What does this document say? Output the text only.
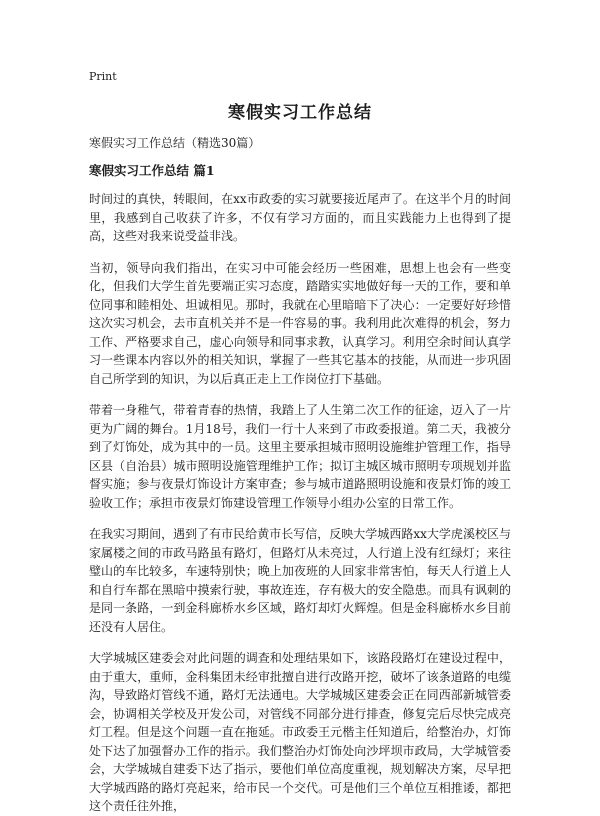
Print
寒假实习工作总结
寒假实习工作总结（精选30篇）
寒假实习工作总结 篇1

时间过的真快，转眼间，在xx市政委的实习就要接近尾声了。在这半个月的时间里，我感到自己收获了许多，不仅有学习方面的，而且实践能力上也得到了提高，这些对我来说受益非浅。

当初，领导向我们指出，在实习中可能会经历一些困难，思想上也会有一些变化，但我们大学生首先要端正实习态度，踏踏实实地做好每一天的工作，要和单位同事和睦相处、坦诚相见。那时，我就在心里暗暗下了决心：一定要好好珍惜这次实习机会，去市直机关并不是一件容易的事。我利用此次难得的机会，努力工作、严格要求自己，虚心向领导和同事求教，认真学习。利用空余时间认真学习一些课本内容以外的相关知识，掌握了一些其它基本的技能，从而进一步巩固自己所学到的知识，为以后真正走上工作岗位打下基础。

带着一身稚气，带着青春的热情，我踏上了人生第二次工作的征途，迈入了一片更为广阔的舞台。1月18号，我们一行十人来到了市政委报道。第二天，我被分到了灯饰处，成为其中的一员。这里主要承担城市照明设施维护管理工作，指导区县（自治县）城市照明设施管理维护工作；拟订主城区城市照明专项规划并监督实施；参与夜景灯饰设计方案审查；参与城市道路照明设施和夜景灯饰的竣工验收工作；承担市夜景灯饰建设管理工作领导小组办公室的日常工作。

在我实习期间，遇到了有市民给黄市长写信，反映大学城西路xx大学虎溪校区与家属楼之间的市政马路虽有路灯，但路灯从未亮过，人行道上没有红绿灯；来往璧山的车比较多，车速特别快；晚上加夜班的人回家非常害怕，每天人行道上人和自行车都在黑暗中摸索行驶，事故连连，存有极大的安全隐患。而具有讽刺的是同一条路，一到金科廊桥水乡区域，路灯却灯火辉煌。但是金科廊桥水乡目前还没有人居住。

大学城城区建委会对此问题的调查和处理结果如下，该路段路灯在建设过程中，由于重大，重师，金科集团未经审批擅自进行改路开挖，破坏了该条道路的电缆沟，导致路灯管线不通，路灯无法通电。大学城城区建委会正在同西部新城管委会，协调相关学校及开发公司，对管线不同部分进行排查，修复完后尽快完成亮灯工程。但是这个问题一直在拖延。市政委王元楷主任知道后，给整治办，灯饰处下达了加强督办工作的指示。我们整治办灯饰处向沙坪坝市政局，大学城管委会，大学城城自建委下达了指示，要他们单位高度重视，规划解决方案，尽早把大学城西路的路灯亮起来，给市民一个交代。可是他们三个单位互相推诿，都把这个责任往外推，
